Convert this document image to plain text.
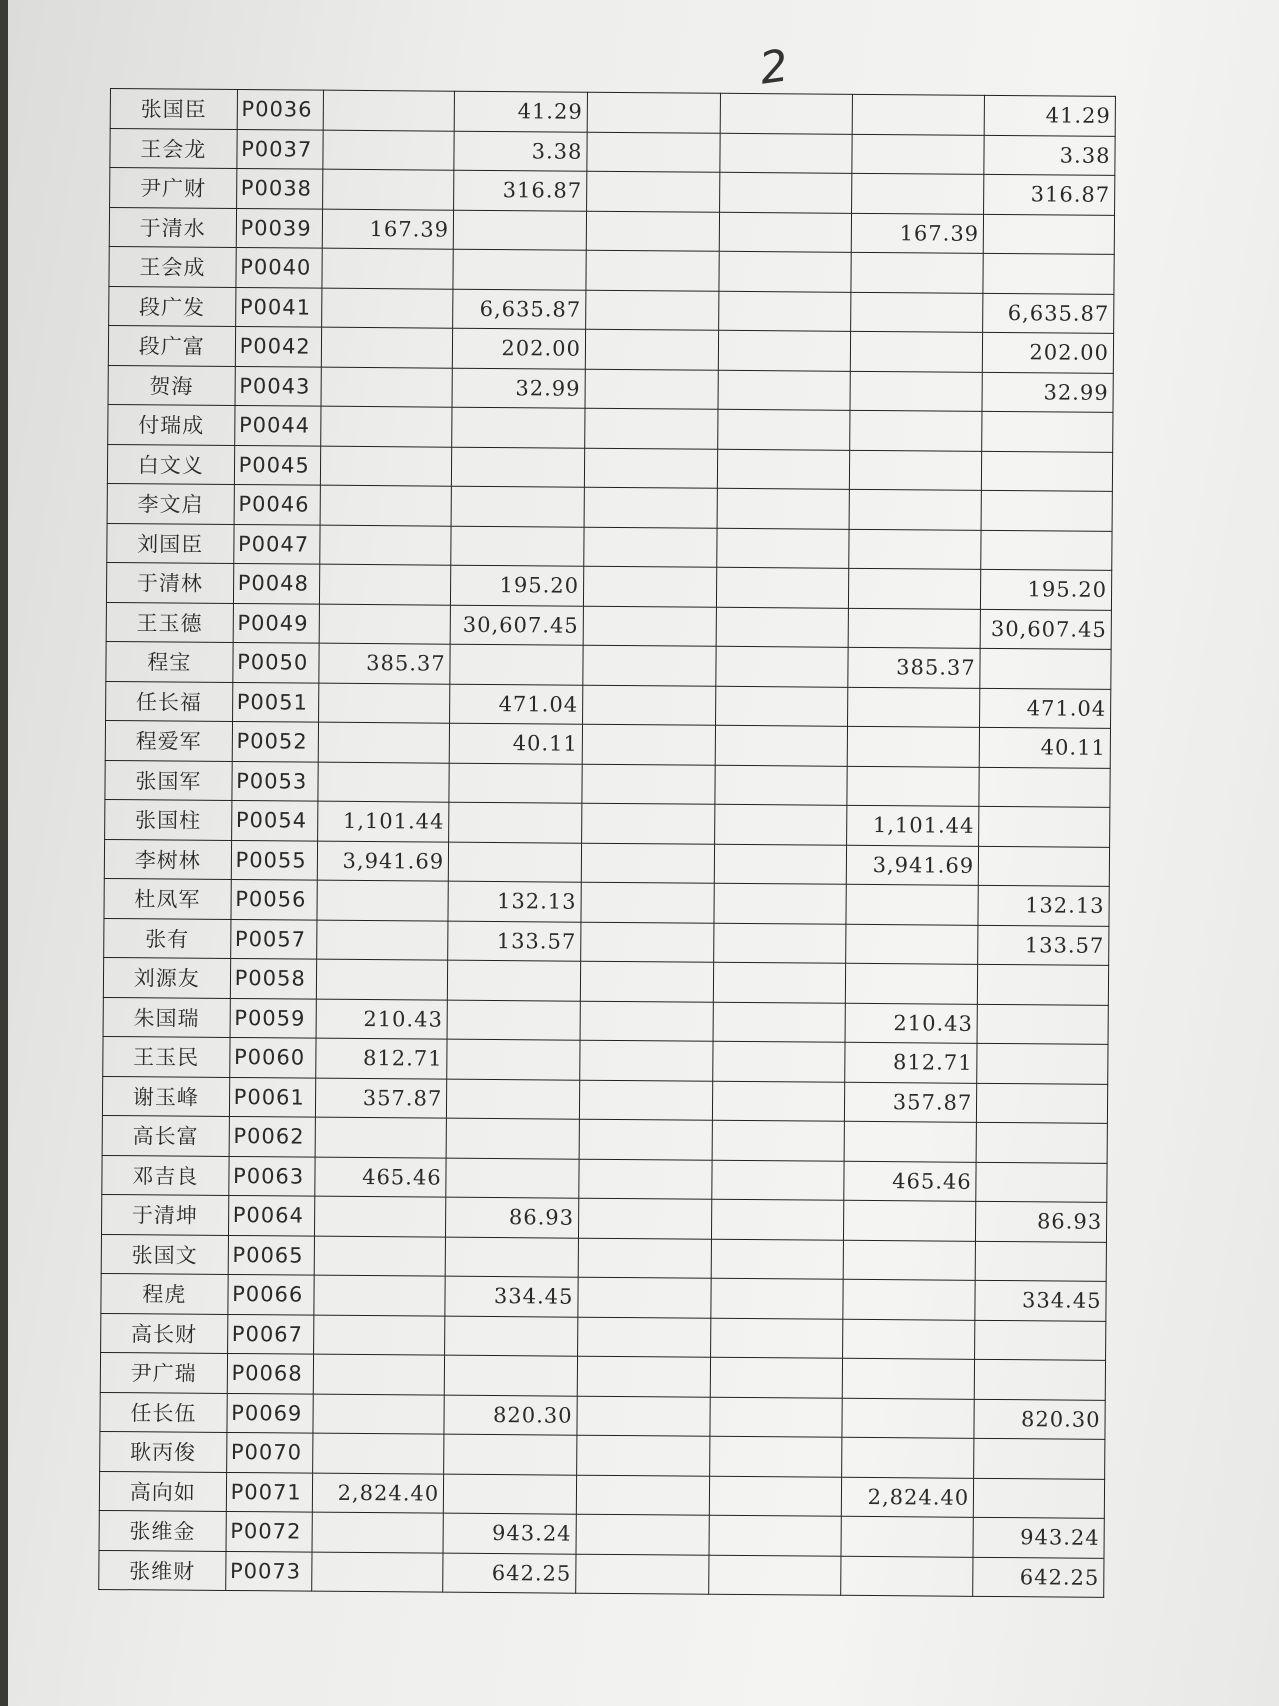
2
张国臣	P0036		41.29				41.29
王会龙	P0037		3.38				3.38
尹广财	P0038		316.87				316.87
于清水	P0039	167.39				167.39	
王会成	P0040						
段广发	P0041		6,635.87				6,635.87
段广富	P0042		202.00				202.00
贺海	P0043		32.99				32.99
付瑞成	P0044						
白文义	P0045						
李文启	P0046						
刘国臣	P0047						
于清林	P0048		195.20				195.20
王玉德	P0049		30,607.45				30,607.45
程宝	P0050	385.37				385.37	
任长福	P0051		471.04				471.04
程爱军	P0052		40.11				40.11
张国军	P0053						
张国柱	P0054	1,101.44				1,101.44	
李树林	P0055	3,941.69				3,941.69	
杜凤军	P0056		132.13				132.13
张有	P0057		133.57				133.57
刘源友	P0058						
朱国瑞	P0059	210.43				210.43	
王玉民	P0060	812.71				812.71	
谢玉峰	P0061	357.87				357.87	
高长富	P0062						
邓吉良	P0063	465.46				465.46	
于清坤	P0064		86.93				86.93
张国文	P0065						
程虎	P0066		334.45				334.45
高长财	P0067						
尹广瑞	P0068						
任长伍	P0069		820.30				820.30
耿丙俊	P0070						
高向如	P0071	2,824.40				2,824.40	
张维金	P0072		943.24				943.24
张维财	P0073		642.25				642.25
